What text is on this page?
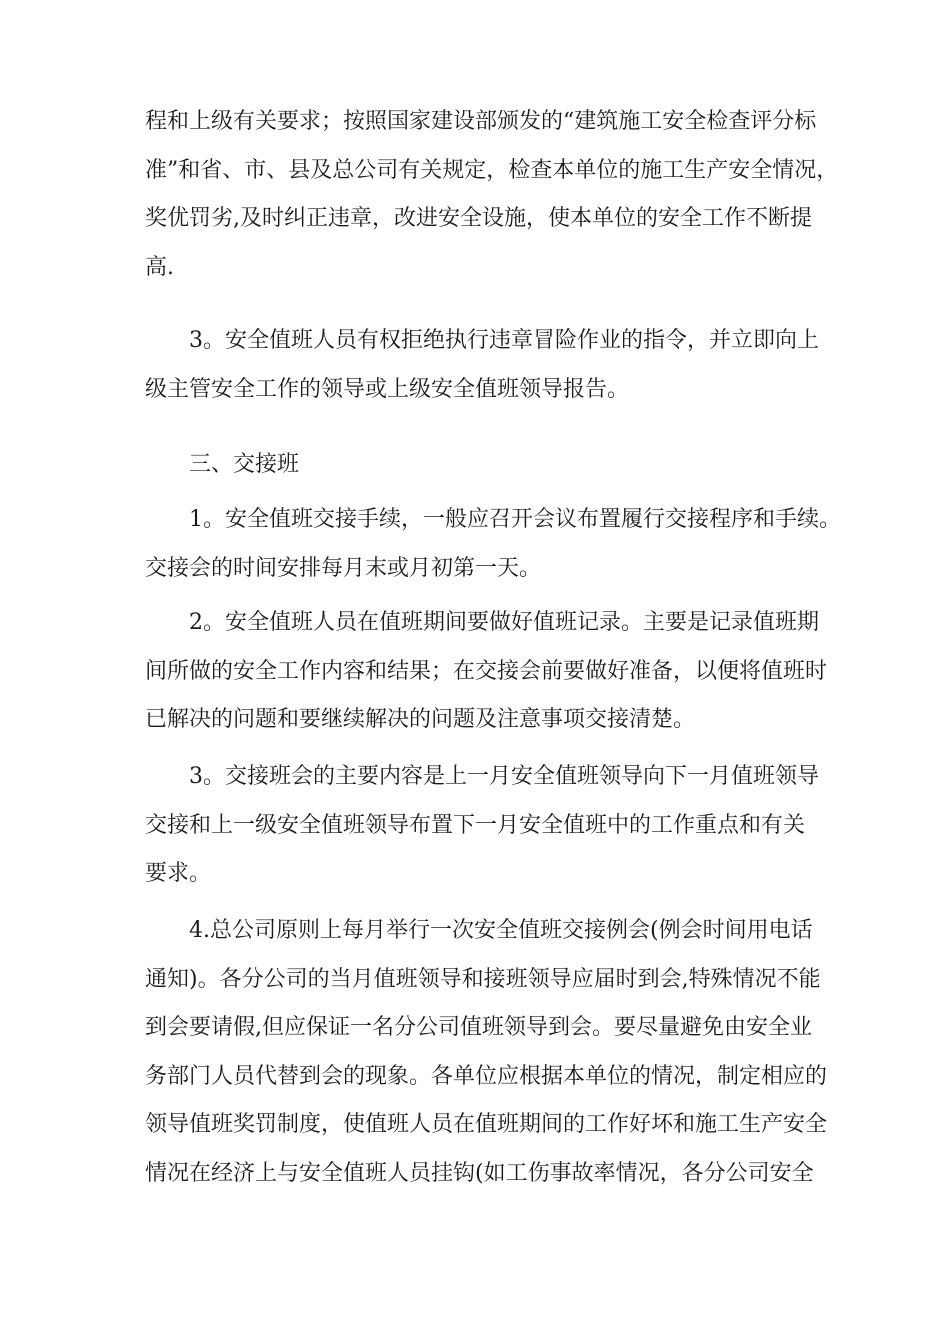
程和上级有关要求；按照国家建设部颁发的“建筑施工安全检查评分标
准”和省、市、县及总公司有关规定，检查本单位的施工生产安全情况，
奖优罚劣,及时纠正违章，改进安全设施，使本单位的安全工作不断提
高.
3。安全值班人员有权拒绝执行违章冒险作业的指令，并立即向上
级主管安全工作的领导或上级安全值班领导报告。
三、交接班
1。安全值班交接手续，一般应召开会议布置履行交接程序和手续。
交接会的时间安排每月末或月初第一天。
2。安全值班人员在值班期间要做好值班记录。主要是记录值班期
间所做的安全工作内容和结果；在交接会前要做好准备，以便将值班时
已解决的问题和要继续解决的问题及注意事项交接清楚。
3。交接班会的主要内容是上一月安全值班领导向下一月值班领导
交接和上一级安全值班领导布置下一月安全值班中的工作重点和有关
要求。
4.总公司原则上每月举行一次安全值班交接例会(例会时间用电话
通知)。各分公司的当月值班领导和接班领导应届时到会,特殊情况不能
到会要请假,但应保证一名分公司值班领导到会。要尽量避免由安全业
务部门人员代替到会的现象。各单位应根据本单位的情况，制定相应的
领导值班奖罚制度，使值班人员在值班期间的工作好坏和施工生产安全
情况在经济上与安全值班人员挂钩(如工伤事故率情况，各分公司安全
